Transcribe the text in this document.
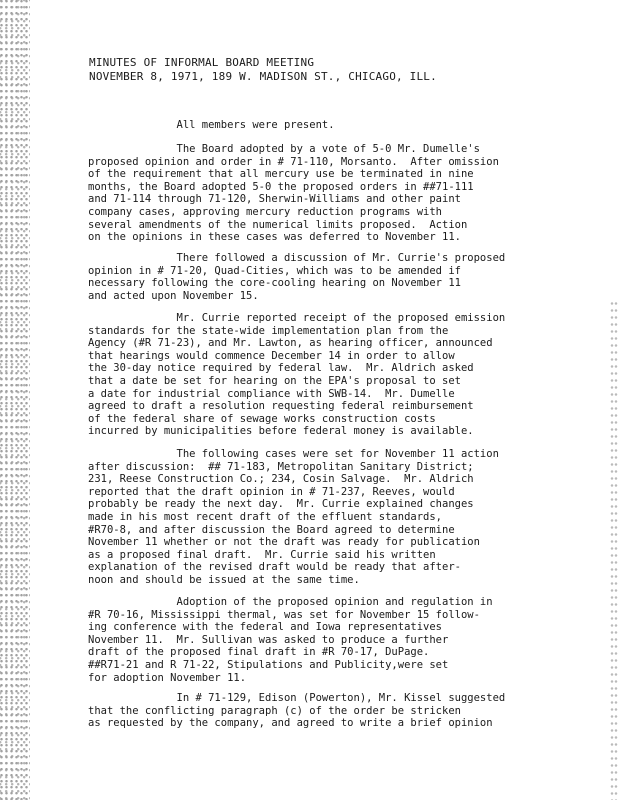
MINUTES OF INFORMAL BOARD MEETING
NOVEMBER 8, 1971, 189 W. MADISON ST., CHICAGO, ILL.
All members were present.
The Board adopted by a vote of 5-0 Mr. Dumelle's
proposed opinion and order in # 71-110, Morsanto.  After omission
of the requirement that all mercury use be terminated in nine
months, the Board adopted 5-0 the proposed orders in ##71-111
and 71-114 through 71-120, Sherwin-Williams and other paint
company cases, approving mercury reduction programs with
several amendments of the numerical limits proposed.  Action
on the opinions in these cases was deferred to November 11.
There followed a discussion of Mr. Currie's proposed
opinion in # 71-20, Quad-Cities, which was to be amended if
necessary following the core-cooling hearing on November 11
and acted upon November 15.
Mr. Currie reported receipt of the proposed emission
standards for the state-wide implementation plan from the
Agency (#R 71-23), and Mr. Lawton, as hearing officer, announced
that hearings would commence December 14 in order to allow
the 30-day notice required by federal law.  Mr. Aldrich asked
that a date be set for hearing on the EPA's proposal to set
a date for industrial compliance with SWB-14.  Mr. Dumelle
agreed to draft a resolution requesting federal reimbursement
of the federal share of sewage works construction costs
incurred by municipalities before federal money is available.
The following cases were set for November 11 action
after discussion:  ## 71-183, Metropolitan Sanitary District;
231, Reese Construction Co.; 234, Cosin Salvage.  Mr. Aldrich
reported that the draft opinion in # 71-237, Reeves, would
probably be ready the next day.  Mr. Currie explained changes
made in his most recent draft of the effluent standards,
#R70-8, and after discussion the Board agreed to determine
November 11 whether or not the draft was ready for publication
as a proposed final draft.  Mr. Currie said his written
explanation of the revised draft would be ready that after-
noon and should be issued at the same time.
Adoption of the proposed opinion and regulation in
#R 70-16, Mississippi thermal, was set for November 15 follow-
ing conference with the federal and Iowa representatives
November 11.  Mr. Sullivan was asked to produce a further
draft of the proposed final draft in #R 70-17, DuPage.
##R71-21 and R 71-22, Stipulations and Publicity,were set
for adoption November 11.
In # 71-129, Edison (Powerton), Mr. Kissel suggested
that the conflicting paragraph (c) of the order be stricken
as requested by the company, and agreed to write a brief opinion
